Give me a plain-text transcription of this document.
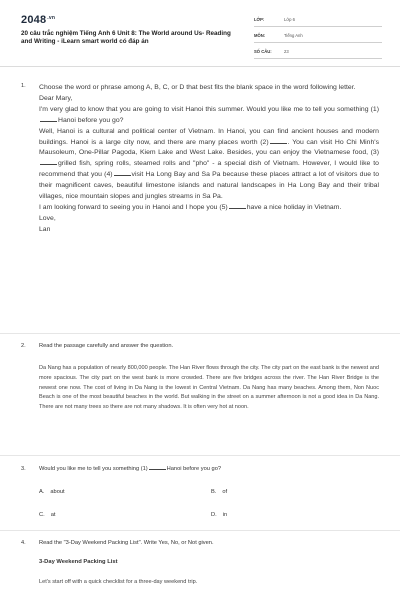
$2048^{.vn}$
20 câu trắc nghiệm Tiếng Anh 6 Unit 8: The World around Us- Reading and Writing - iLearn smart world có đáp án
LỚP:	Lớp 6
MÔN:	Tiếng Anh
SỐ CÂU:	23
1. Choose the word or phrase among A, B, C, or D that best fits the blank space in the word following letter.

Dear Mary,

I'm very glad to know that you are going to visit Hanoi this summer. Would you like me to tell you something (1)Hanoi before you go?

Well, Hanoi is a cultural and political center of Vietnam. In Hanoi, you can find ancient houses and modern buildings. Hanoi is a large city now, and there are many places worth (2)	. You can visit Ho Chi Minh's Mausoleum, One-Pillar Pagoda, Kiem Lake and West Lake. Besides, you can enjoy the Vietnamese food, (3)grilled fish, spring rolls, steamed rolls and "pho" - a special dish of Vietnam. However, I would like to recommend that you (4)	visit Ha Long Bay and Sa Pa because these places attract a lot of visitors due to their magnificent caves, beautiful limestone islands and natural landscapes in Ha Long Bay and their tribal villages, nice mountain slopes and jungles streams in Sa Pa.

I am looking forward to seeing you in Hanoi and I hope you (5)	have a nice holiday in Vietnam.

Love,

Lan

2. Read the passage carefully and answer the question.
Da Nang has a population of nearly 800,000 people. The Han River flows through the city. The city part on the east bank is the newest and more spacious. The city part on the west bank is more crowded. There are five bridges across the river. The Han River Bridge is the newest one now. The cost of living in Da Nang is the lowest in Central Vietnam. Da Nang has many beaches. Among them, Non Nuoc Beach is one of the most beautiful beaches in the world. But walking in the street on a summer afternoon is not a good idea in Da Nang. There are not many trees so there are not many shadows. It is often very hot at noon.
3. Would you like me to tell you something (1)	Hanoi before you go?
A. about	B. of
C. at	D. in
4. Read the "3-Day Weekend Packing List". Write Yes, No, or Not given.
3-Day Weekend Packing List

Let's start off with a quick checklist for a three-day weekend trip.
